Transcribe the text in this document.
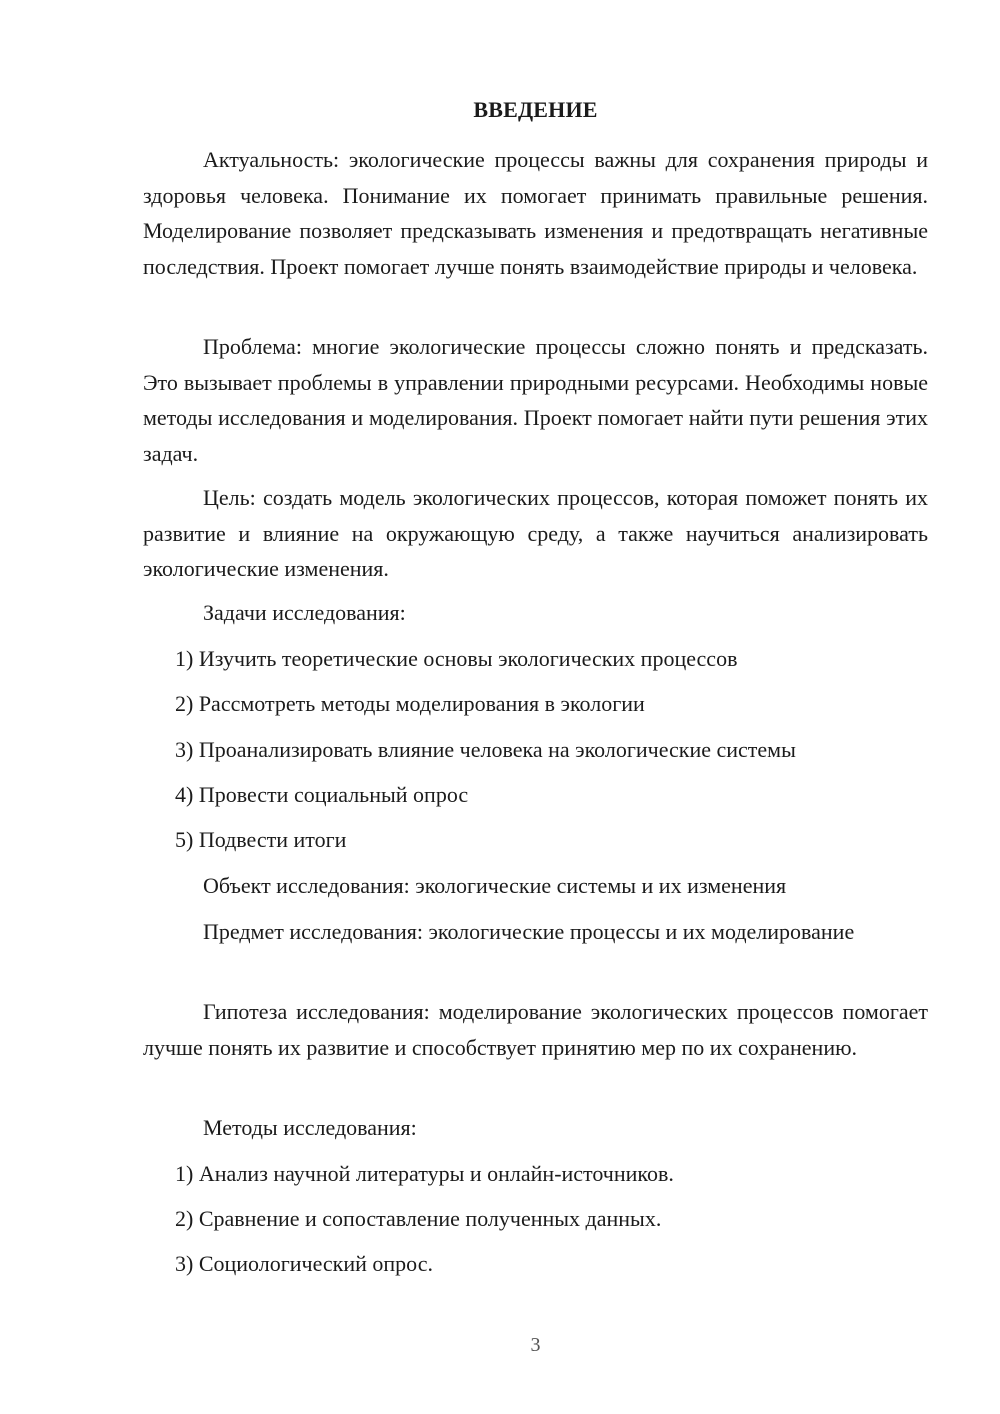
ВВЕДЕНИЕ

Актуальность: экологические процессы важны для сохранения природы и здоровья человека. Понимание их помогает принимать правильные решения. Моделирование позволяет предсказывать изменения и предотвращать негативные последствия. Проект помогает лучше понять взаимодействие природы и человека.

Проблема: многие экологические процессы сложно понять и предсказать. Это вызывает проблемы в управлении природными ресурсами. Необходимы новые методы исследования и моделирования. Проект помогает найти пути решения этих задач.

Цель: создать модель экологических процессов, которая поможет понять их развитие и влияние на окружающую среду, а также научиться анализировать экологические изменения.

Задачи исследования:

1) Изучить теоретические основы экологических процессов

2) Рассмотреть методы моделирования в экологии

3) Проанализировать влияние человека на экологические системы

4) Провести социальный опрос

5) Подвести итоги

Объект исследования: экологические системы и их изменения

Предмет исследования: экологические процессы и их моделирование

Гипотеза исследования: моделирование экологических процессов помогает лучше понять их развитие и способствует принятию мер по их сохранению.

Методы исследования:

1) Анализ научной литературы и онлайн-источников.

2) Сравнение и сопоставление полученных данных.

3) Социологический опрос.

3
